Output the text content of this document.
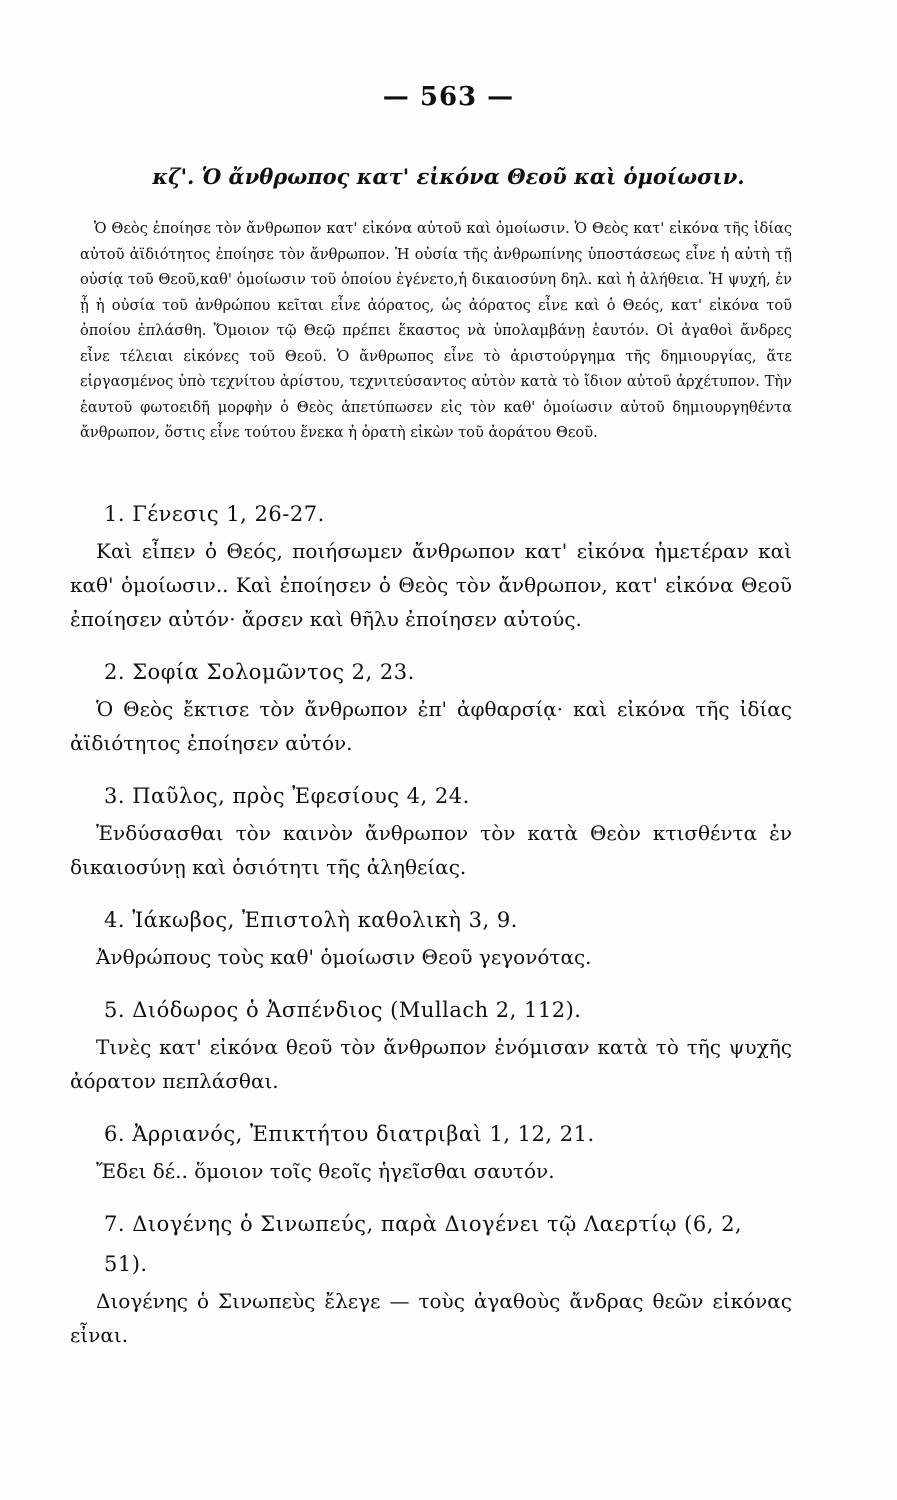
— 563 —
κζ'. Ὁ ἄνθρωπος κατ' εἰκόνα Θεοῦ καὶ ὁμοίωσιν.

Ὁ Θεὸς ἐποίησε τὸν ἄνθρωπον κατ' εἰκόνα αὐτοῦ καὶ ὁμοίωσιν. Ὁ Θεὸς κατ' εἰκόνα τῆς ἰδίας αὐτοῦ ἀϊδιότητος ἐποίησε τὸν ἄνθρωπον. Ἡ οὐσία τῆς ἀνθρωπίνης ὑποστάσεως εἶνε ἡ αὐτὴ τῇ οὐσίᾳ τοῦ Θεοῦ,καθ' ὁμοίωσιν τοῦ ὁποίου ἐγένετο,ἡ δικαιοσύνη δηλ. καὶ ἡ ἀλήθεια. Ἡ ψυχή, ἐν ᾗ ἡ οὐσία τοῦ ἀνθρώπου κεῖται εἶνε ἀόρατος, ὡς ἀόρατος εἶνε καὶ ὁ Θεός, κατ' εἰκόνα τοῦ ὁποίου ἐπλάσθη. Ὅμοιον τῷ Θεῷ πρέπει ἕκαστος νὰ ὑπολαμβάνῃ ἑαυτόν. Οἱ ἀγαθοὶ ἄνδρες εἶνε τέλειαι εἰκόνες τοῦ Θεοῦ. Ὁ ἄνθρωπος εἶνε τὸ ἀριστούργημα τῆς δημιουργίας, ἅτε εἰργασμένος ὑπὸ τεχνίτου ἀρίστου, τεχνιτεύσαντος αὐτὸν κατὰ τὸ ἴδιον αὐτοῦ ἀρχέτυπον. Τὴν ἑαυτοῦ φωτοειδῆ μορφὴν ὁ Θεὸς ἀπετύπωσεν εἰς τὸν καθ' ὁμοίωσιν αὐτοῦ δημιουργηθέντα ἄνθρωπον, ὅστις εἶνε τούτου ἕνεκα ἡ ὁρατὴ εἰκὼν τοῦ ἀοράτου Θεοῦ.

1. Γένεσις 1, 26-27.

Καὶ εἶπεν ὁ Θεός, ποιήσωμεν ἄνθρωπον κατ' εἰκόνα ἡμετέραν καὶ καθ' ὁμοίωσιν.. Καὶ ἐποίησεν ὁ Θεὸς τὸν ἄνθρωπον, κατ' εἰκόνα Θεοῦ ἐποίησεν αὐτόν· ἄρσεν καὶ θῆλυ ἐποίησεν αὐτούς.

2. Σοφία Σολομῶντος 2, 23.

Ὁ Θεὸς ἔκτισε τὸν ἄνθρωπον ἐπ' ἀφθαρσίᾳ· καὶ εἰκόνα τῆς ἰδίας ἀϊδιότητος ἐποίησεν αὐτόν.

3. Παῦλος, πρὸς Ἐφεσίους 4, 24.

Ἐνδύσασθαι τὸν καινὸν ἄνθρωπον τὸν κατὰ Θεὸν κτισθέντα ἐν δικαιοσύνῃ καὶ ὁσιότητι τῆς ἀληθείας.

4. Ἰάκωβος, Ἐπιστολὴ καθολικὴ 3, 9.

Ἀνθρώπους τοὺς καθ' ὁμοίωσιν Θεοῦ γεγονότας.

5. Διόδωρος ὁ Ἀσπένδιος (Mullach 2, 112).

Τινὲς κατ' εἰκόνα θεοῦ τὸν ἄνθρωπον ἐνόμισαν κατὰ τὸ τῆς ψυχῆς ἀόρατον πεπλάσθαι.

6. Ἀρριανός, Ἐπικτήτου διατριβαὶ 1, 12, 21.

Ἔδει δέ.. ὅμοιον τοῖς θεοῖς ἡγεῖσθαι σαυτόν.

7. Διογένης ὁ Σινωπεύς, παρὰ Διογένει τῷ Λαερτίῳ (6, 2, 51).

Διογένης ὁ Σινωπεὺς ἔλεγε — τοὺς ἀγαθοὺς ἄνδρας θεῶν εἰκόνας εἶναι.
